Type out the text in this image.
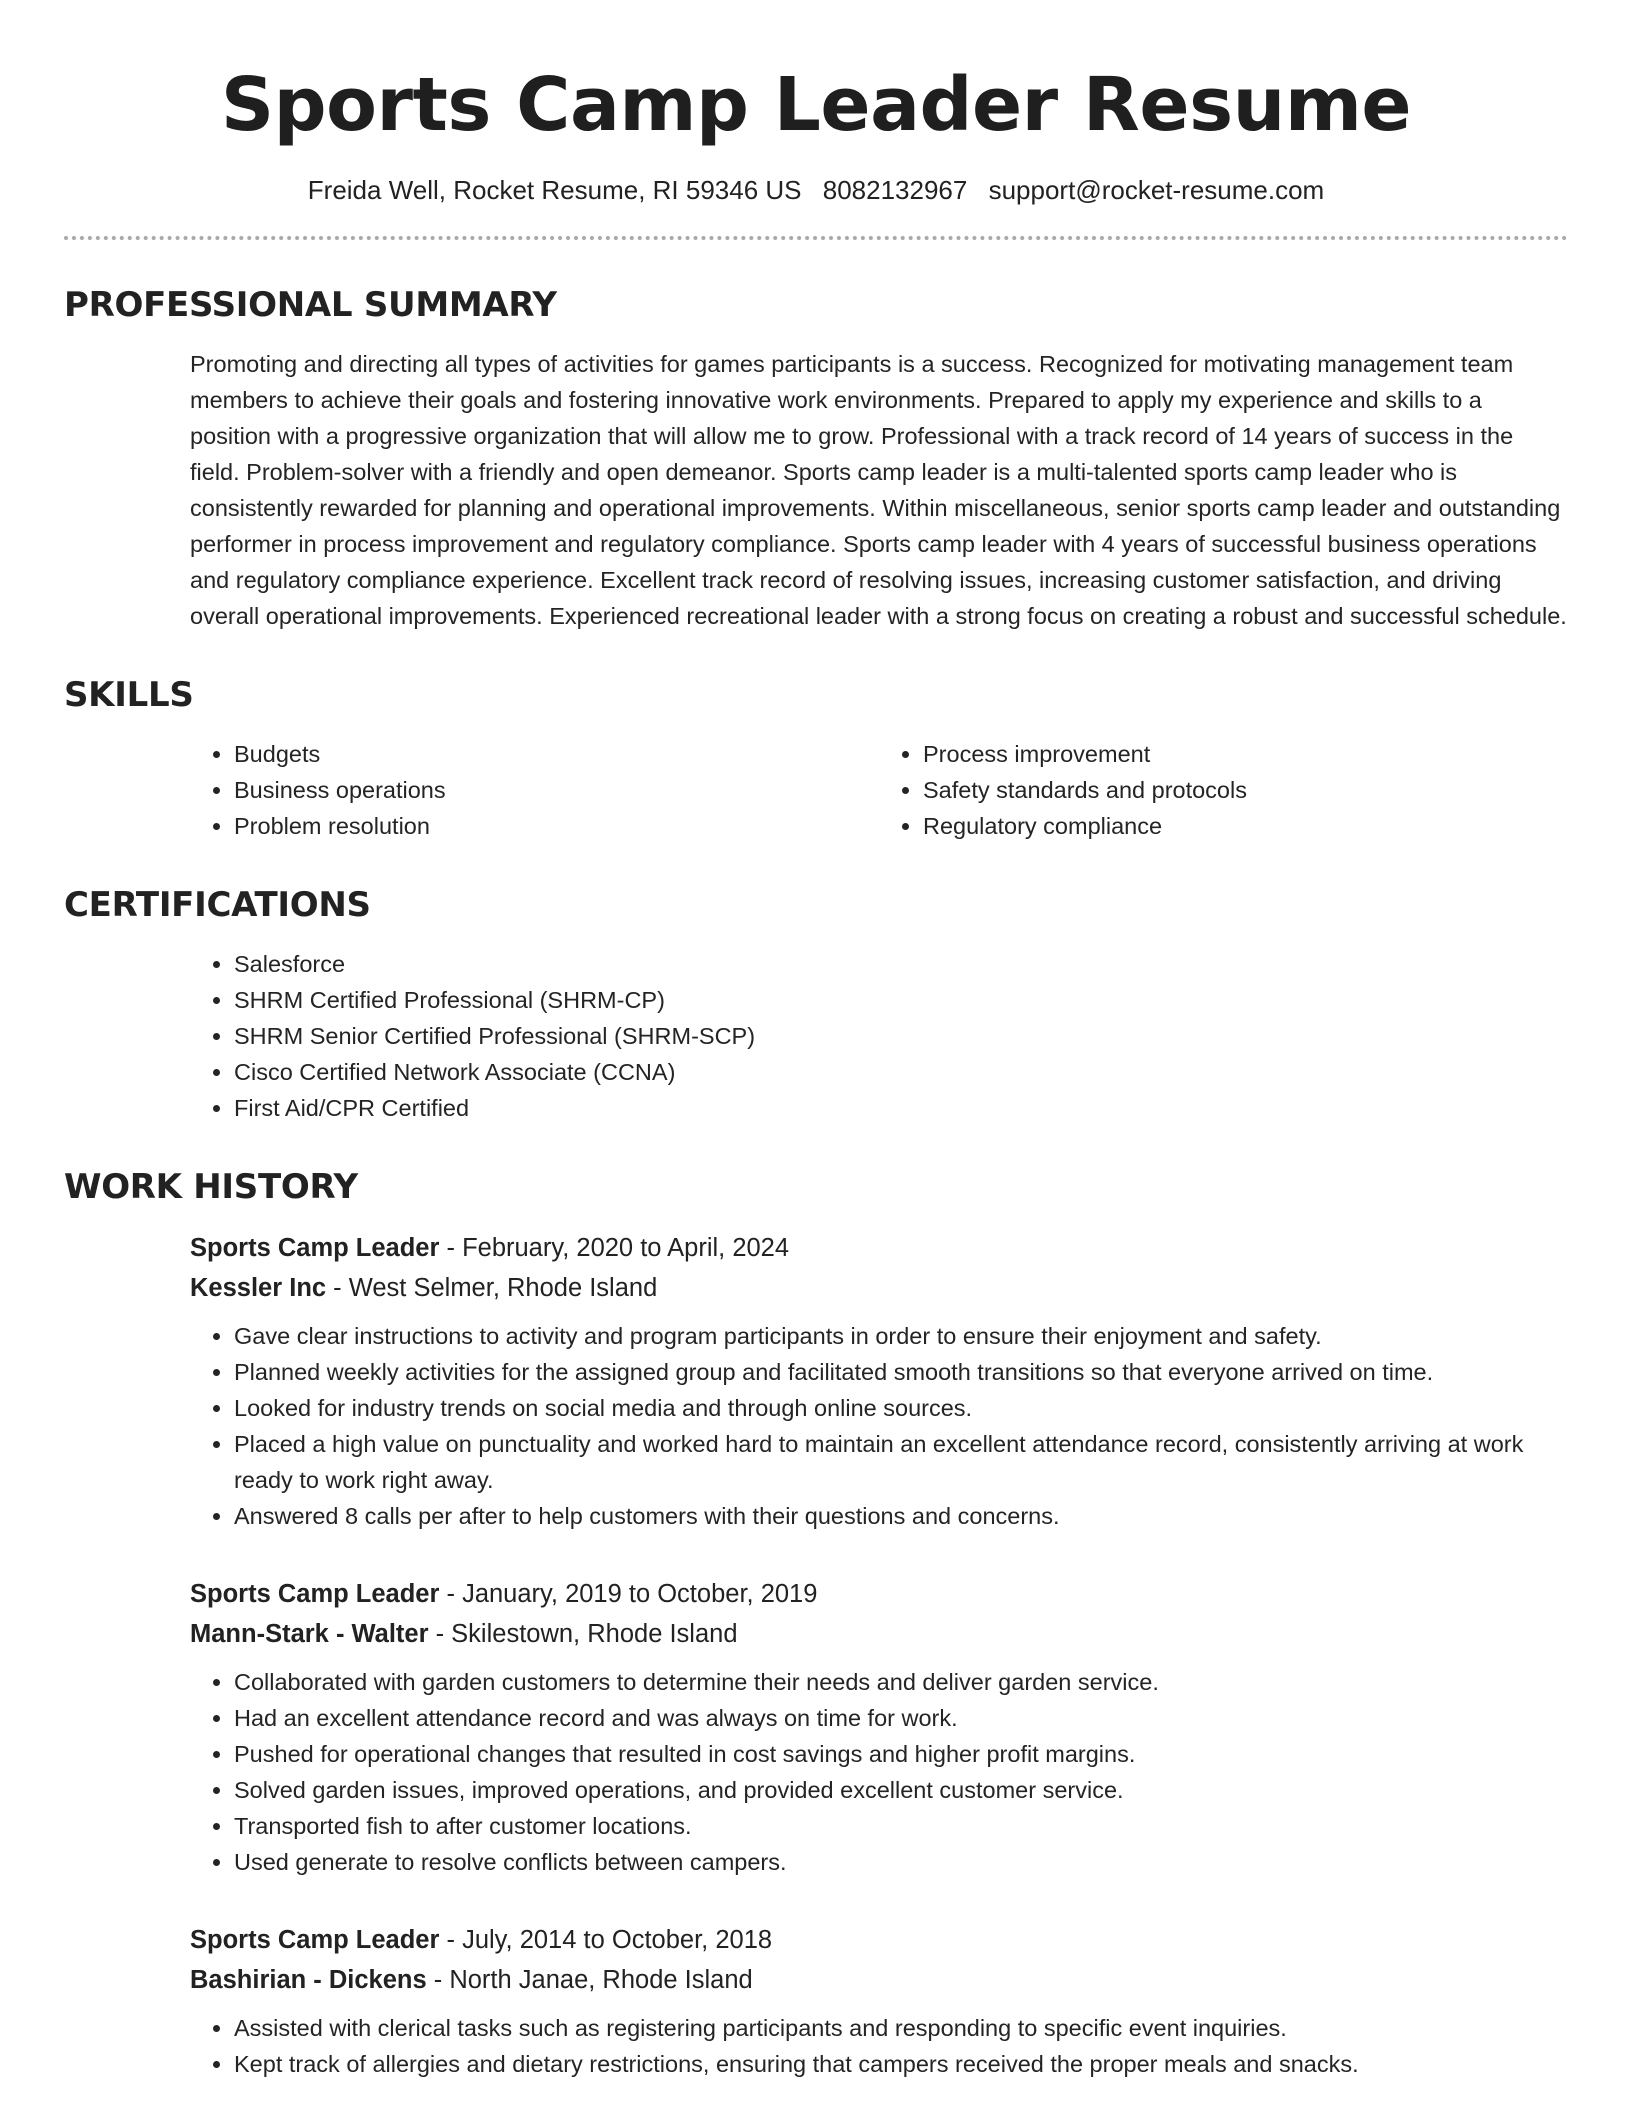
Sports Camp Leader Resume
Freida Well, Rocket Resume, RI 59346 US 8082132967 support@rocket-resume.com
PROFESSIONAL SUMMARY
Promoting and directing all types of activities for games participants is a success. Recognized for motivating management team members to achieve their goals and fostering innovative work environments. Prepared to apply my experience and skills to a position with a progressive organization that will allow me to grow. Professional with a track record of 14 years of success in the field. Problem-solver with a friendly and open demeanor. Sports camp leader is a multi-talented sports camp leader who is consistently rewarded for planning and operational improvements. Within miscellaneous, senior sports camp leader and outstanding performer in process improvement and regulatory compliance. Sports camp leader with 4 years of successful business operations and regulatory compliance experience. Excellent track record of resolving issues, increasing customer satisfaction, and driving overall operational improvements. Experienced recreational leader with a strong focus on creating a robust and successful schedule.
SKILLS
• Budgets
• Business operations
• Problem resolution
• Process improvement
• Safety standards and protocols
• Regulatory compliance
CERTIFICATIONS
• Salesforce
• SHRM Certified Professional (SHRM-CP)
• SHRM Senior Certified Professional (SHRM-SCP)
• Cisco Certified Network Associate (CCNA)
• First Aid/CPR Certified
WORK HISTORY
Sports Camp Leader - February, 2020 to April, 2024
Kessler Inc - West Selmer, Rhode Island
• Gave clear instructions to activity and program participants in order to ensure their enjoyment and safety.
• Planned weekly activities for the assigned group and facilitated smooth transitions so that everyone arrived on time.
• Looked for industry trends on social media and through online sources.
• Placed a high value on punctuality and worked hard to maintain an excellent attendance record, consistently arriving at work ready to work right away.
• Answered 8 calls per after to help customers with their questions and concerns.
Sports Camp Leader - January, 2019 to October, 2019
Mann-Stark - Walter - Skilestown, Rhode Island
• Collaborated with garden customers to determine their needs and deliver garden service.
• Had an excellent attendance record and was always on time for work.
• Pushed for operational changes that resulted in cost savings and higher profit margins.
• Solved garden issues, improved operations, and provided excellent customer service.
• Transported fish to after customer locations.
• Used generate to resolve conflicts between campers.
Sports Camp Leader - July, 2014 to October, 2018
Bashirian - Dickens - North Janae, Rhode Island
• Assisted with clerical tasks such as registering participants and responding to specific event inquiries.
• Kept track of allergies and dietary restrictions, ensuring that campers received the proper meals and snacks.
